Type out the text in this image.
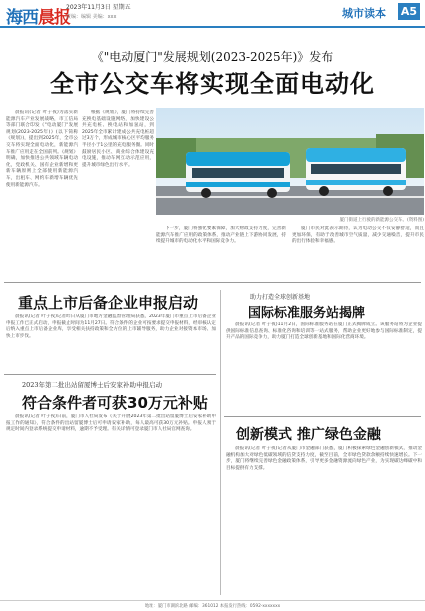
海西晨报
2023年11月3日 星期五
责编：编辑 美编：xxx	城市读本 A5
《"电动厦门"发展规划(2023-2025年)》发布
全市公交车将实现全面电动化

晨报讯(记者 叶子夜)为落实新能源汽车产业发展战略，市工信局等部门联合印发《"电动厦门"发展规划(2023-2025年)》(以下简称《规划》)，提出到2025年，全市公交车将实现全面电动化，新能源汽车推广应用走在全国前列。《规划》明确，加快推进公共领域车辆电动化，党政机关、国有企业新增和更新车辆原则上全部使用新能源汽车，出租车、网约车新增车辆优先使用新能源汽车。

根据《规划》，厦门将持续完善充换电基础设施网络，加快建设公共充电桩、换电站和加氢站，到2025年全市累计建成公共充电桩超过3万个，形成城市核心区平均服务半径小于1公里的充电服务圈。同时鼓励居民小区、商业综合体建设充电设施，推动车网互动示范应用，提升城市绿色出行水平。

厦门街道上行驶的新能源公交车。(资料图)

下一步，厦门将强化要素保障，加大财政支持力度，完善新能源汽车推广应用的政策体系，推动产业链上下游协同发展，持续提升城市的电动化水平和国际竞争力。

厦门市民对此表示期待，认为电动公交不仅安静舒适，而且更加环保，有助于改善城市空气质量，减少交通噪音，提升市民的出行体验和幸福感。

重点上市后备企业申报启动

晨报讯(记者 叶子夜)记者昨日从厦门市地方金融监督管理局获悉，2023年厦门市重点上市后备企业申报工作已正式启动，申报截止时间为11月27日。符合条件的企业可按要求提交申报材料，经审核认定后纳入重点上市后备企业库，享受相关扶持政策和全方位的上市辅导服务，助力企业对接资本市场、加快上市步伐。

2023年第二批出站留厦博士后安家补助申报启动
符合条件者可获30万元补贴

晨报讯(记者 叶子夜)日前，厦门市人社局发布《关于开展2023年第二批出站留厦博士后安家补助申报工作的通知》，符合条件的出站留厦博士后可申请安家补助，每人最高可获30万元补贴。申报人须于规定时间内登录系统提交申请材料，逾期不予受理。有关详情可登录厦门市人社局官网查询。

助力打造全球创新基地
国际标准服务站揭牌

晨报讯(记者 叶子夜)11月2日，国际标准服务站在厦门正式揭牌成立。该服务站将为企业提供国际标准信息查询、标准化咨询和培训等一站式服务，帮助企业更好地参与国际标准制定，提升产品的国际竞争力，助力厦门打造全球创新基地和国际化营商环境。

创新模式 推广绿色金融

晨报讯(记者 叶子夜)记者从厦门市金融部门获悉，厦门积极探索绿色金融创新模式，推动金融机构加大对绿色低碳领域的信贷支持力度，截至目前，全市绿色贷款余额持续快速增长。下一步，厦门将继续完善绿色金融政策体系，引导更多金融资源流向绿色产业，为实现碳达峰碳中和目标提供有力支撑。

地址：厦门市湖滨北路 邮编：361012 本报发行热线：0592-xxxxxxx
